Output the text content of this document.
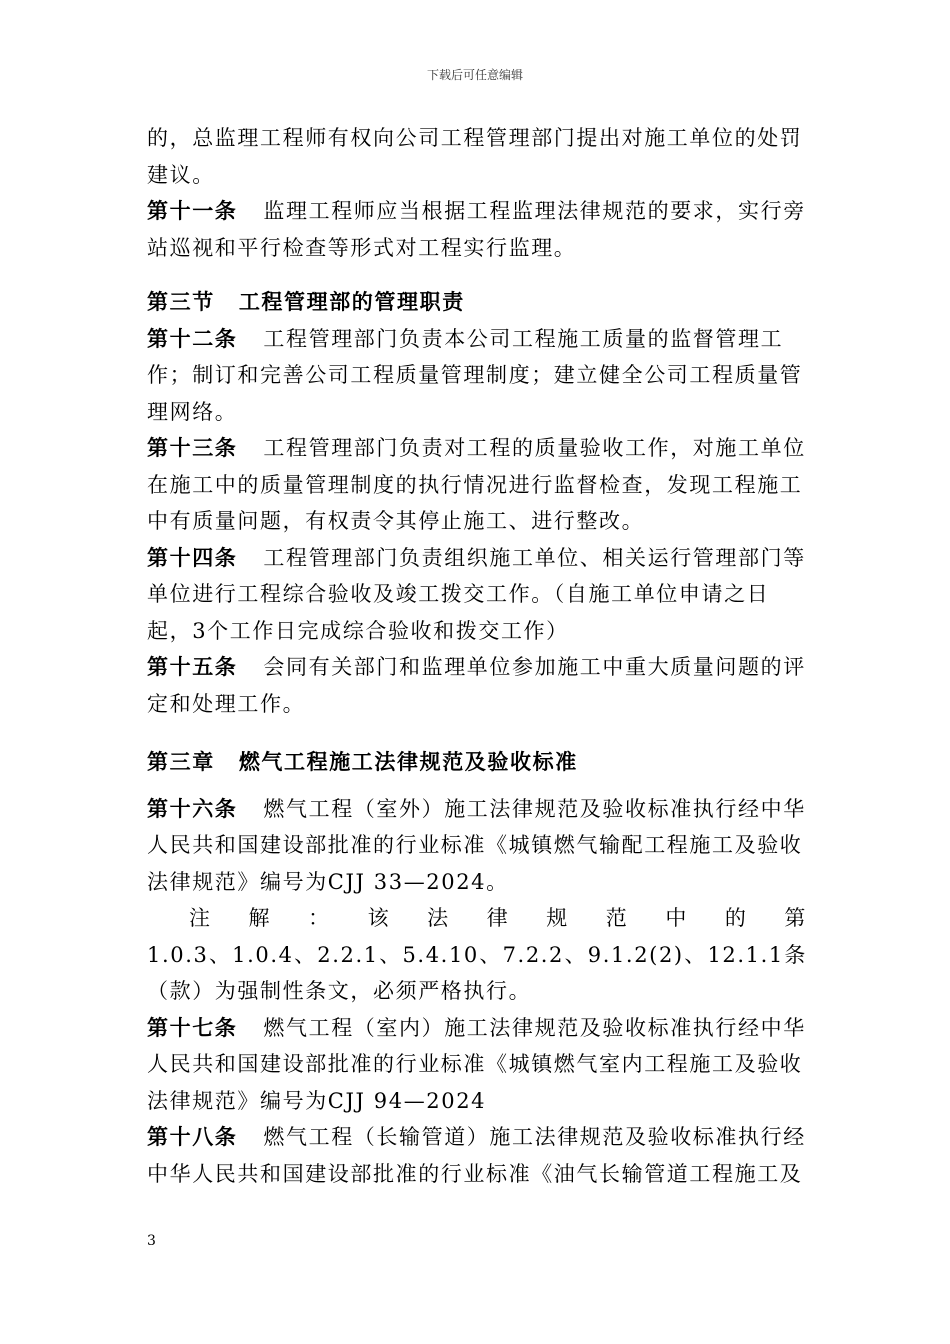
下载后可任意编辑

的，总监理工程师有权向公司工程管理部门提出对施工单位的处罚建议。

第十一条 监理工程师应当根据工程监理法律规范的要求，实行旁站巡视和平行检查等形式对工程实行监理。

第三节 工程管理部的管理职责

第十二条 工程管理部门负责本公司工程施工质量的监督管理工作；制订和完善公司工程质量管理制度；建立健全公司工程质量管理网络。

第十三条 工程管理部门负责对工程的质量验收工作，对施工单位在施工中的质量管理制度的执行情况进行监督检查，发现工程施工中有质量问题，有权责令其停止施工、进行整改。

第十四条 工程管理部门负责组织施工单位、相关运行管理部门等单位进行工程综合验收及竣工拨交工作。（自施工单位申请之日起，3个工作日完成综合验收和拨交工作）

第十五条 会同有关部门和监理单位参加施工中重大质量问题的评定和处理工作。

第三章 燃气工程施工法律规范及验收标准

第十六条 燃气工程（室外）施工法律规范及验收标准执行经中华人民共和国建设部批准的行业标准《城镇燃气输配工程施工及验收法律规范》编号为CJJ 33—2024。

注 解 ： 该 法 律 规 范 中 的 第

1.0.3、1.0.4、2.2.1、5.4.10、7.2.2、9.1.2(2)、12.1.1条

（款）为强制性条文，必须严格执行。

第十七条 燃气工程（室内）施工法律规范及验收标准执行经中华人民共和国建设部批准的行业标准《城镇燃气室内工程施工及验收法律规范》编号为CJJ 94—2024

第十八条 燃气工程（长输管道）施工法律规范及验收标准执行经中华人民共和国建设部批准的行业标准《油气长输管道工程施工及

3
